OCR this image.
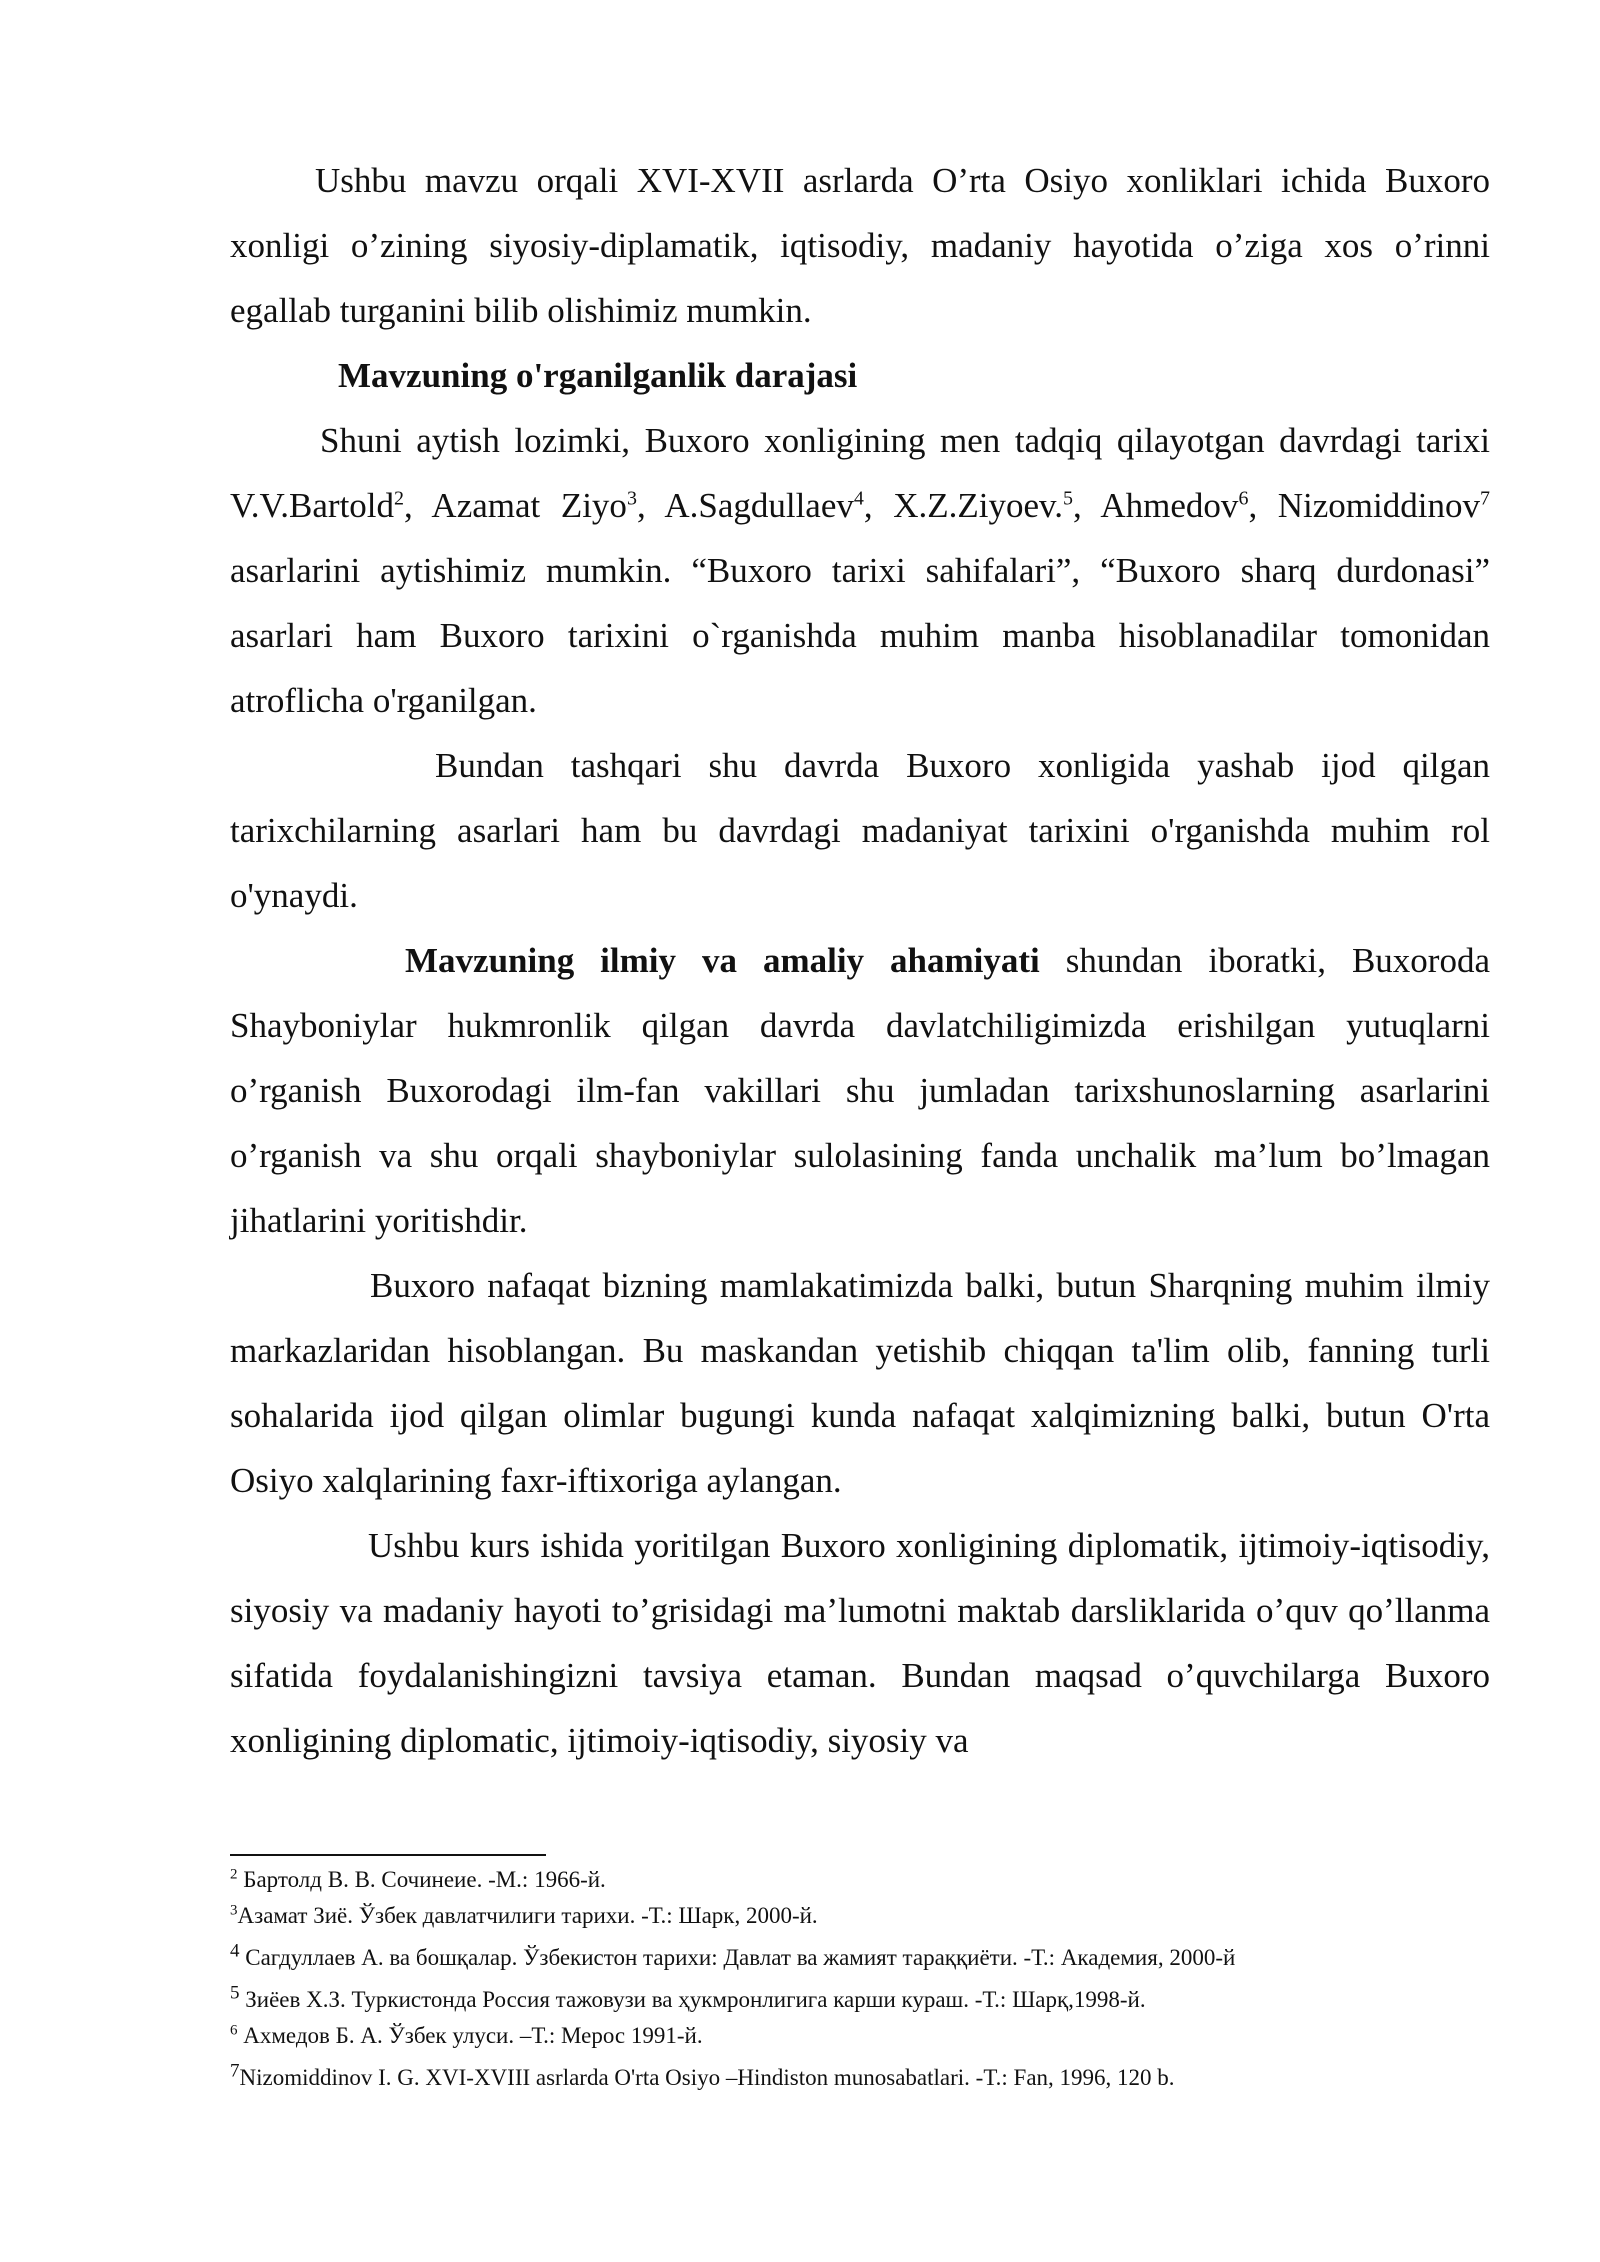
Ushbu mavzu orqali XVI-XVII asrlarda O’rta Osiyo xonliklari ichida Buxoro xonligi o’zining siyosiy-diplamatik, iqtisodiy, madaniy hayotida o’ziga xos o’rinni egallab turganini bilib olishimiz mumkin.

Mavzuning o'rganilganlik darajasi

Shuni aytish lozimki, Buxoro xonligining men tadqiq qilayotgan davrdagi tarixi V.V.Bartold$^2$, Azamat Ziyo$^3$, A.Sagdullaev$^4$, X.Z.Ziyoev.$^5$, Ahmedov$^6$, Nizomiddinov$^7$ asarlarini aytishimiz mumkin. “Buxoro tarixi sahifalari”, “Buxoro sharq durdonasi” asarlari ham Buxoro tarixini o`rganishda muhim manba hisoblanadilar tomonidan atroflicha o'rganilgan.

Bundan tashqari shu davrda Buxoro xonligida yashab ijod qilgan tarixchilarning asarlari ham bu davrdagi madaniyat tarixini o'rganishda muhim rol o'ynaydi.

Mavzuning ilmiy va amaliy ahamiyati shundan iboratki, Buxoroda Shayboniylar hukmronlik qilgan davrda davlatchiligimizda erishilgan yutuqlarni o’rganish Buxorodagi ilm-fan vakillari shu jumladan tarixshunoslarning asarlarini o’rganish va shu orqali shayboniylar sulolasining fanda unchalik ma’lum bo’lmagan jihatlarini yoritishdir.

Buxoro nafaqat bizning mamlakatimizda balki, butun Sharqning muhim ilmiy markazlaridan hisoblangan. Bu maskandan yetishib chiqqan ta'lim olib, fanning turli sohalarida ijod qilgan olimlar bugungi kunda nafaqat xalqimizning balki, butun O'rta Osiyo xalqlarining faxr-iftixoriga aylangan.

Ushbu kurs ishida yoritilgan Buxoro xonligining diplomatik, ijtimoiy-iqtisodiy, siyosiy va madaniy hayoti to’grisidagi ma’lumotni maktab darsliklarida o’quv qo’llanma sifatida foydalanishingizni tavsiya etaman. Bundan maqsad o’quvchilarga Buxoro xonligining diplomatic, ijtimoiy-iqtisodiy, siyosiy va

$^2$ Бартолд В. В. Сочинеие. -М.: 1966-й.

$^3$Азамат Зиё. Ўзбек давлатчилиги тарихи. -Т.: Шарк, 2000-й.

$^4$ Сагдуллаев А. ва бошқалар. Ўзбекистон тарихи: Давлат ва жамият тараққиёти. -Т.: Академия, 2000-й

$^5$ Зиёев Х.З. Туркистонда Россия тажовузи ва ҳукмронлигига карши кураш. -Т.: Шарқ,1998-й.

$^6$ Ахмедов Б. А. Ўзбек улуси. –Т.: Мерос 1991-й.

$^7$Nizomiddinov I. G. XVI-XVIII asrlarda O'rta Osiyo –Hindiston munosabatlari. -T.: Fan, 1996, 120 b.
